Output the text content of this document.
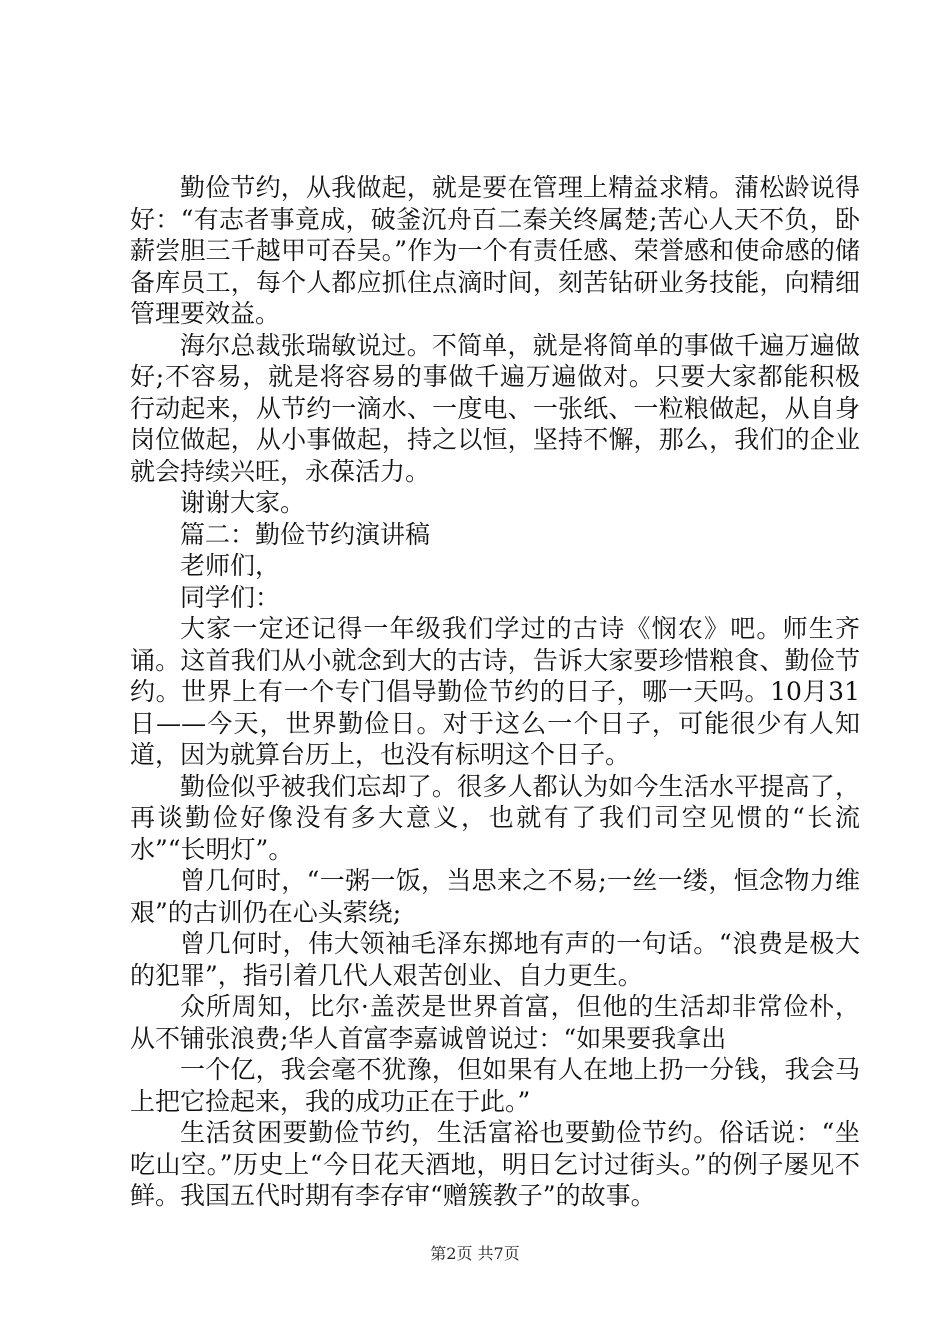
勤俭节约，从我做起，就是要在管理上精益求精。蒲松龄说得好：“有志者事竟成，破釜沉舟百二秦关终属楚;苦心人天不负，卧薪尝胆三千越甲可吞吴。”作为一个有责任感、荣誉感和使命感的储备库员工，每个人都应抓住点滴时间，刻苦钻研业务技能，向精细管理要效益。

海尔总裁张瑞敏说过。不简单，就是将简单的事做千遍万遍做好;不容易，就是将容易的事做千遍万遍做对。只要大家都能积极行动起来，从节约一滴水、一度电、一张纸、一粒粮做起，从自身岗位做起，从小事做起，持之以恒，坚持不懈，那么，我们的企业就会持续兴旺，永葆活力。

谢谢大家。

篇二：勤俭节约演讲稿

老师们，

同学们：

大家一定还记得一年级我们学过的古诗《悯农》吧。师生齐诵。这首我们从小就念到大的古诗，告诉大家要珍惜粮食、勤俭节约。世界上有一个专门倡导勤俭节约的日子，哪一天吗。10月31日——今天，世界勤俭日。对于这么一个日子，可能很少有人知道，因为就算台历上，也没有标明这个日子。

勤俭似乎被我们忘却了。很多人都认为如今生活水平提高了，再谈勤俭好像没有多大意义，也就有了我们司空见惯的“长流水”“长明灯”。

曾几何时，“一粥一饭，当思来之不易;一丝一缕，恒念物力维艰”的古训仍在心头萦绕;

曾几何时，伟大领袖毛泽东掷地有声的一句话。“浪费是极大的犯罪”，指引着几代人艰苦创业、自力更生。

众所周知，比尔·盖茨是世界首富，但他的生活却非常俭朴，从不铺张浪费;华人首富李嘉诚曾说过：“如果要我拿出

一个亿，我会毫不犹豫，但如果有人在地上扔一分钱，我会马上把它捡起来，我的成功正在于此。”

生活贫困要勤俭节约，生活富裕也要勤俭节约。俗话说：“坐吃山空。”历史上“今日花天酒地，明日乞讨过街头。”的例子屡见不鲜。我国五代时期有李存审“赠簇教子”的故事。

第2页 共7页
